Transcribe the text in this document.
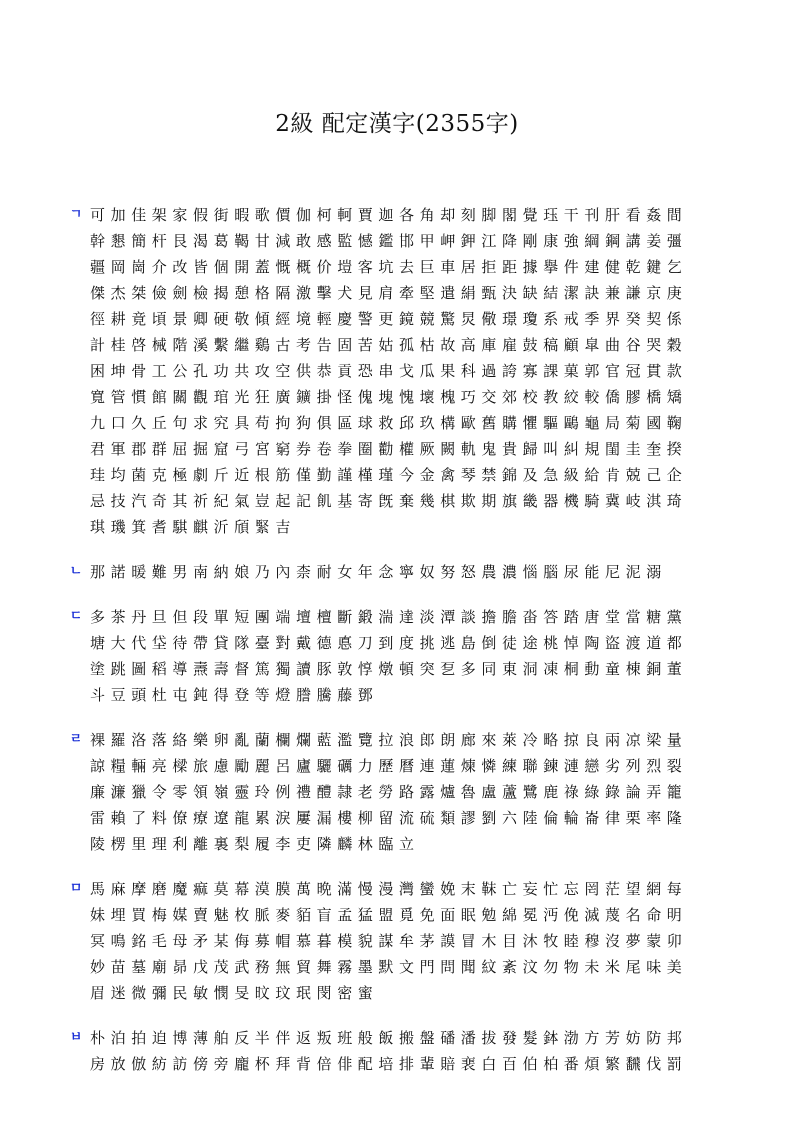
2級 配定漢字(2355字)
ㄱ 可加佳架家假街暇歌價伽柯軻賈迦各角却刻脚閣覺珏干刊肝看姦間
幹懇簡杆艮渴葛鞨甘減敢感監憾鑑邯甲岬鉀江降剛康強綱鋼講姜彊
疆岡崗介改皆個開蓋慨概价塏客坑去巨車居拒距據擧件建健乾鍵乞
傑杰桀儉劍檢揭憩格隔激擊犬見肩牽堅遣絹甄決缺結潔訣兼謙京庚
徑耕竟頃景卿硬敬傾經境輕慶警更鏡競驚炅儆璟瓊系戒季界癸契係
計桂啓械階溪繫繼鷄古考告固苦姑孤枯故高庫雇鼓稿顧皐曲谷哭穀
困坤骨工公孔功共攻空供恭貢恐串戈瓜果科過誇寡課菓郭官冠貫款
寬管慣館關觀琯光狂廣鑛掛怪傀塊愧壞槐巧交郊校教絞較僑膠橋矯
九口久丘句求究具苟拘狗俱區球救邱玖構歐舊購懼驅鷗龜局菊國鞠
君軍郡群屈掘窟弓宮窮券卷拳圈勸權厥闕軌鬼貴歸叫糾規閨圭奎揆
珪均菌克極劇斤近根筋僅勤謹槿瑾今金禽琴禁錦及急級給肯兢己企
忌技汽奇其祈紀氣豈起記飢基寄旣棄幾棋欺期旗畿器機騎冀岐淇琦
琪璣箕耆騏麒沂頎緊吉
ㄴ 那諾暖難男南納娘乃內柰耐女年念寧奴努怒農濃惱腦尿能尼泥溺
ㄷ 多茶丹旦但段單短團端壇檀斷鍛湍達淡潭談擔膽畓答踏唐堂當糖黨
塘大代垈待帶貸隊臺對戴德悳刀到度挑逃島倒徒途桃悼陶盜渡道都
塗跳圖稻導燾壽督篤獨讀豚敦惇燉頓突乭多同東洞凍桐動童棟銅董
斗豆頭杜屯鈍得登等燈謄騰藤鄧
ㄹ 裸羅洛落絡樂卵亂蘭欄爛藍濫覽拉浪郎朗廊來萊冷略掠良兩凉梁量
諒糧輛亮樑旅慮勵麗呂廬驪礪力歷曆連蓮煉憐練聯鍊漣戀劣列烈裂
廉濂獵令零領嶺靈玲例禮醴隷老勞路露爐魯盧蘆鷺鹿祿綠錄論弄籠
雷賴了料僚療遼龍累淚屢漏樓柳留流硫類謬劉六陸倫輪崙律栗率隆
陵楞里理利離裏梨履李吏隣麟林臨立
ㅁ 馬麻摩磨魔痲莫幕漠膜萬晩滿慢漫灣蠻娩末靺亡妄忙忘罔茫望網每
妹埋買梅媒賣魅枚脈麥貊盲孟猛盟覓免面眠勉綿冕沔俛滅蔑名命明
冥鳴銘毛母矛某侮募帽慕暮模貌謀牟茅謨冒木目沐牧睦穆沒夢蒙卯
妙苗墓廟昴戊茂武務無貿舞霧墨默文門問聞紋紊汶勿物未米尾味美
眉迷微彌民敏憫旻旼玟珉閔密蜜
ㅂ 朴泊拍迫博薄舶反半伴返叛班般飯搬盤磻潘拔發髮鉢渤方芳妨防邦
房放倣紡訪傍旁龐杯拜背倍俳配培排輩賠裵白百伯柏番煩繁飜伐罰
